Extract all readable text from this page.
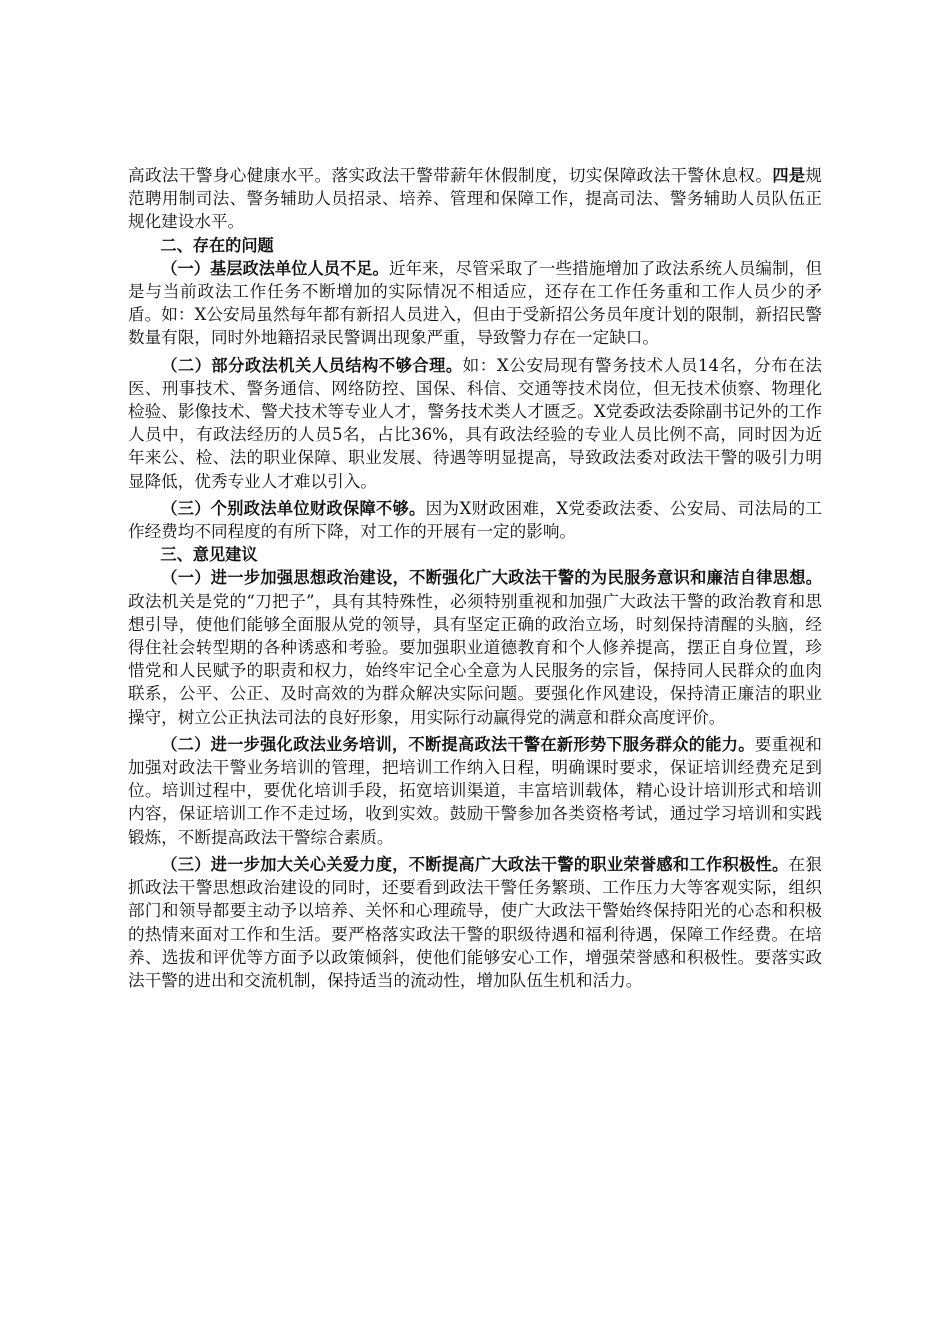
高政法干警身心健康水平。落实政法干警带薪年休假制度，切实保障政法干警休息权。四是规范聘用制司法、警务辅助人员招录、培养、管理和保障工作，提高司法、警务辅助人员队伍正规化建设水平。

二、存在的问题

（一）基层政法单位人员不足。近年来，尽管采取了一些措施增加了政法系统人员编制，但是与当前政法工作任务不断增加的实际情况不相适应，还存在工作任务重和工作人员少的矛盾。如：X公安局虽然每年都有新招人员进入，但由于受新招公务员年度计划的限制，新招民警数量有限，同时外地籍招录民警调出现象严重，导致警力存在一定缺口。

（二）部分政法机关人员结构不够合理。如：X公安局现有警务技术人员14名，分布在法医、刑事技术、警务通信、网络防控、国保、科信、交通等技术岗位，但无技术侦察、物理化检验、影像技术、警犬技术等专业人才，警务技术类人才匮乏。X党委政法委除副书记外的工作人员中，有政法经历的人员5名，占比36%，具有政法经验的专业人员比例不高，同时因为近年来公、检、法的职业保障、职业发展、待遇等明显提高，导致政法委对政法干警的吸引力明显降低，优秀专业人才难以引入。

（三）个别政法单位财政保障不够。因为X财政困难，X党委政法委、公安局、司法局的工作经费均不同程度的有所下降，对工作的开展有一定的影响。

三、意见建议

（一）进一步加强思想政治建设，不断强化广大政法干警的为民服务意识和廉洁自律思想。政法机关是党的“刀把子”，具有其特殊性，必须特别重视和加强广大政法干警的政治教育和思想引导，使他们能够全面服从党的领导，具有坚定正确的政治立场，时刻保持清醒的头脑，经得住社会转型期的各种诱惑和考验。要加强职业道德教育和个人修养提高，摆正自身位置，珍惜党和人民赋予的职责和权力，始终牢记全心全意为人民服务的宗旨，保持同人民群众的血肉联系，公平、公正、及时高效的为群众解决实际问题。要强化作风建设，保持清正廉洁的职业操守，树立公正执法司法的良好形象，用实际行动赢得党的满意和群众高度评价。

（二）进一步强化政法业务培训，不断提高政法干警在新形势下服务群众的能力。要重视和加强对政法干警业务培训的管理，把培训工作纳入日程，明确课时要求，保证培训经费充足到位。培训过程中，要优化培训手段，拓宽培训渠道，丰富培训载体，精心设计培训形式和培训内容，保证培训工作不走过场，收到实效。鼓励干警参加各类资格考试，通过学习培训和实践锻炼，不断提高政法干警综合素质。

（三）进一步加大关心关爱力度，不断提高广大政法干警的职业荣誉感和工作积极性。在狠抓政法干警思想政治建设的同时，还要看到政法干警任务繁琐、工作压力大等客观实际，组织部门和领导都要主动予以培养、关怀和心理疏导，使广大政法干警始终保持阳光的心态和积极的热情来面对工作和生活。要严格落实政法干警的职级待遇和福利待遇，保障工作经费。在培养、选拔和评优等方面予以政策倾斜，使他们能够安心工作，增强荣誉感和积极性。要落实政法干警的进出和交流机制，保持适当的流动性，增加队伍生机和活力。
